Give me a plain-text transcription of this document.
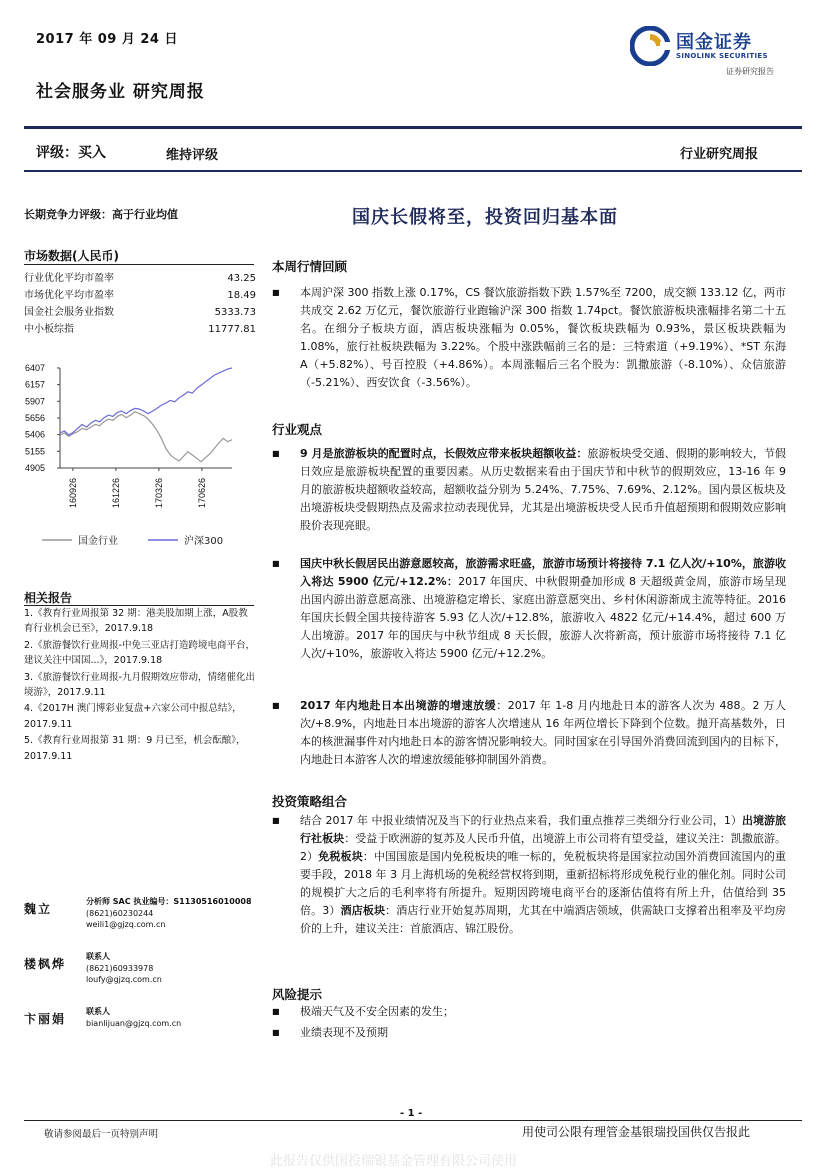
2017 年 09 月 24 日	国金证券
SINOLINK SECURITIES
证券研究报告
社会服务业 研究周报
评级：买入	维持评级	行业研究周报
长期竞争力评级：高于行业均值
市场数据(人民币)
行业优化平均市盈率	43.25
市场优化平均市盈率	18.49
国金社会服务业指数	5333.73
中小板综指	11777.81
6407
6157
5907
5656
5406
5155
4905
160926	161226	170326	170626
国金行业	沪深300
相关报告
1.《教育行业周报第 32 期：港美股加期上涨，A股教育行业机会已至》，2017.9.18
2.《旅游餐饮行业周报-中免三亚店打造跨境电商平台，建议关注中国国...》，2017.9.18
3.《旅游餐饮行业周报-九月假期效应带动，情绪催化出境游》，2017.9.11
4.《2017H 澳门博彩业复盘+六家公司中报总结》，2017.9.11
5.《教育行业周报第 31 期：9 月已至，机会酝酿》，2017.9.11
魏立
分析师 SAC 执业编号：S1130516010008
(8621)60230244
weili1@gjzq.com.cn
楼枫烨
联系人
(8621)60933978
loufy@gjzq.com.cn
卞丽娟
联系人
bianlijuan@gjzq.com.cn
国庆长假将至，投资回归基本面
本周行情回顾
■ 本周沪深 300 指数上涨 0.17%，CS 餐饮旅游指数下跌 1.57%至 7200，成交额 133.12 亿，两市共成交 2.62 万亿元，餐饮旅游行业跑输沪深 300 指数 1.74pct。餐饮旅游板块涨幅排名第二十五名。在细分子板块方面，酒店板块涨幅为 0.05%，餐饮板块跌幅为 0.93%，景区板块跌幅为 1.08%，旅行社板块跌幅为 3.22%。个股中涨跌幅前三名的是：三特索道（+9.19%）、*ST 东海 A（+5.82%）、号百控股（+4.86%）。本周涨幅后三名个股为：凯撒旅游（-8.10%）、众信旅游（-5.21%）、西安饮食（-3.56%）。
行业观点
■ 9 月是旅游板块的配置时点，长假效应带来板块超额收益：旅游板块受交通、假期的影响较大，节假日效应是旅游板块配置的重要因素。从历史数据来看由于国庆节和中秋节的假期效应，13-16 年 9 月的旅游板块超额收益较高，超额收益分别为 5.24%、7.75%、7.69%、2.12%。国内景区板块及出境游板块受假期热点及需求拉动表现优异，尤其是出境游板块受人民币升值超预期和假期效应影响股价表现亮眼。
■ 国庆中秋长假居民出游意愿较高，旅游需求旺盛，旅游市场预计将接待 7.1 亿人次/+10%，旅游收入将达 5900 亿元/+12.2%：2017 年国庆、中秋假期叠加形成 8 天超级黄金周，旅游市场呈现出国内游出游意愿高涨、出境游稳定增长、家庭出游意愿突出、乡村休闲游渐成主流等特征。2016 年国庆长假全国共接待游客 5.93 亿人次/+12.8%，旅游收入 4822 亿元/+14.4%，超过 600 万人出境游。2017 年的国庆与中秋节组成 8 天长假，旅游人次将新高，预计旅游市场将接待 7.1 亿人次/+10%，旅游收入将达 5900 亿元/+12.2%。
■ 2017 年内地赴日本出境游的增速放缓：2017 年 1-8 月内地赴日本的游客人次为 488。2 万人次/+8.9%，内地赴日本出境游的游客人次增速从 16 年两位增长下降到个位数。抛开高基数外，日本的核泄漏事件对内地赴日本的游客情况影响较大。同时国家在引导国外消费回流到国内的目标下，内地赴日本游客人次的增速放缓能够抑制国外消费。
投资策略组合
■ 结合 2017 年 中报业绩情况及当下的行业热点来看，我们重点推荐三类细分行业公司，1）出境游旅行社板块：受益于欧洲游的复苏及人民币升值，出境游上市公司将有望受益，建议关注：凯撒旅游。2）免税板块：中国国旅是国内免税板块的唯一标的，免税板块将是国家拉动国外消费回流国内的重要手段，2018 年 3 月上海机场的免税经营权将到期，重新招标将形成免税行业的催化剂。同时公司的规模扩大之后的毛利率将有所提升。短期因跨境电商平台的逐渐估值将有所上升，估值给到 35 倍。3）酒店板块：酒店行业开始复苏周期，尤其在中端酒店领域，供需缺口支撑着出租率及平均房价的上升，建议关注：首旅酒店、锦江股份。
风险提示
■ 极端天气及不安全因素的发生；
■ 业绩表现不及预期
- 1 -
敬请参阅最后一页特别声明	用使司公限有理管金基银瑞投国供仅告报此
此报告仅供国投瑞银基金管理有限公司使用
